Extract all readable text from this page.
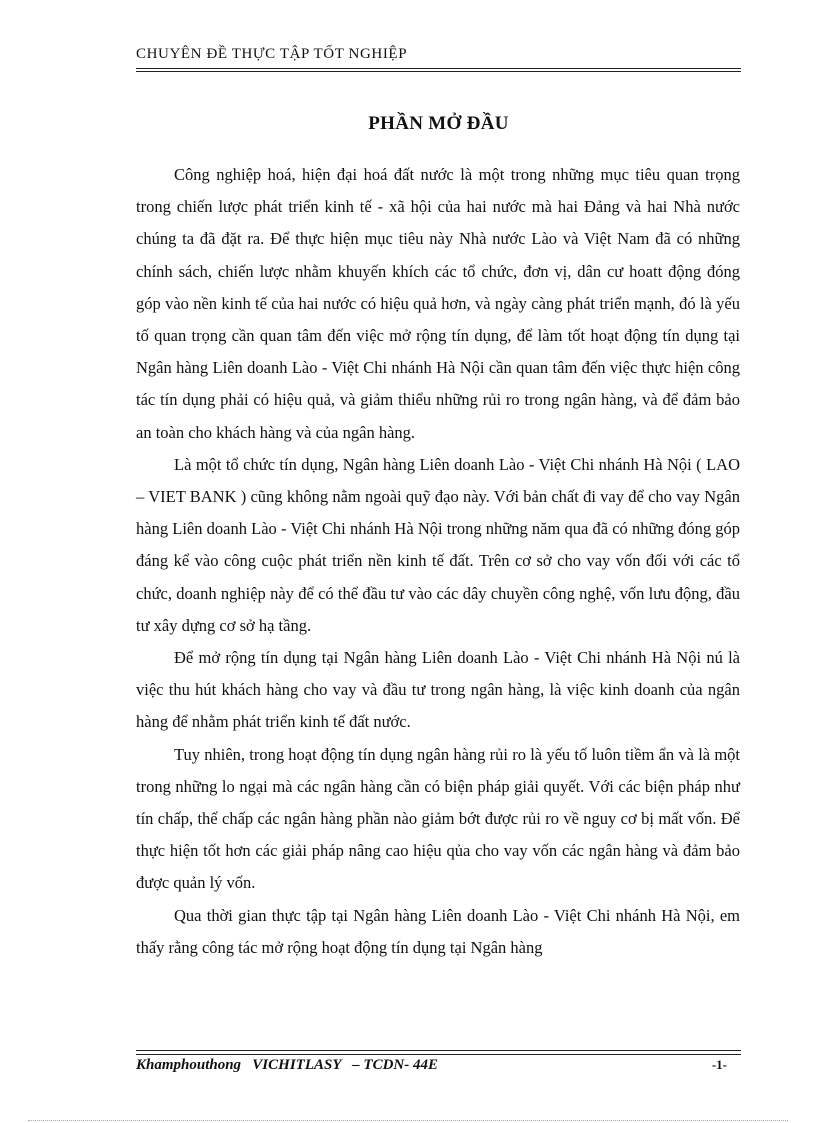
CHUYÊN ĐỀ THỰC TẬP TỐT NGHIỆP
PHẦN MỞ ĐẦU

Công nghiệp hoá, hiện đại hoá đất nước là một trong những mục tiêu quan trọng trong chiến lược phát triển kinh tế - xã hội của hai nước mà hai Đảng và hai Nhà nước chúng ta đã đặt ra. Để thực hiện mục tiêu này Nhà nước Lào và Việt Nam đã có những chính sách, chiến lược nhằm khuyến khích các tổ chức, đơn vị, dân cư hoatt động đóng góp vào nền kinh tế của hai nước có hiệu quả hơn, và ngày càng phát triển mạnh, đó là yếu tố quan trọng cần quan tâm đến việc mở rộng tín dụng, để làm tốt hoạt động tín dụng tại Ngân hàng Liên doanh Lào - Việt Chi nhánh Hà Nội cần quan tâm đến việc thực hiện công tác tín dụng phải có hiệu quả, và giảm thiểu những rủi ro trong ngân hàng, và để đảm bảo an toàn cho khách hàng và của ngân hàng.

Là một tổ chức tín dụng, Ngân hàng Liên doanh Lào - Việt Chi nhánh Hà Nội ( LAO – VIET BANK ) cũng không nằm ngoài quỹ đạo này. Với bản chất đi vay để cho vay Ngân hàng Liên doanh Lào - Việt Chi nhánh Hà Nội trong những năm qua đã có những đóng góp đáng kể vào công cuộc phát triển nền kinh tế đất. Trên cơ sở cho vay vốn đối với các tổ chức, doanh nghiệp này để có thể đầu tư vào các dây chuyền công nghệ, vốn lưu động, đầu tư xây dựng cơ sở hạ tầng.

Để mở rộng tín dụng tại Ngân hàng Liên doanh Lào - Việt Chi nhánh Hà Nội nú là việc thu hút khách hàng cho vay và đầu tư trong ngân hàng, là việc kinh doanh của ngân hàng để nhằm phát triển kinh tế đất nước.

Tuy nhiên, trong hoạt động tín dụng ngân hàng rủi ro là yếu tố luôn tiềm ẩn và là một trong những lo ngại mà các ngân hàng cần có biện pháp giải quyết. Với các biện pháp như tín chấp, thế chấp các ngân hàng phần nào giảm bớt được rủi ro về nguy cơ bị mất vốn. Để thực hiện tốt hơn các giải pháp nâng cao hiệu qủa cho vay vốn các ngân hàng và đảm bảo được quản lý vốn.

Qua thời gian thực tập tại Ngân hàng Liên doanh Lào - Việt Chi nhánh Hà Nội, em thấy rằng công tác mở rộng hoạt động tín dụng tại Ngân hàng

Khamphouthong   VICHITLASY   – TCDN- 44E	-1-
